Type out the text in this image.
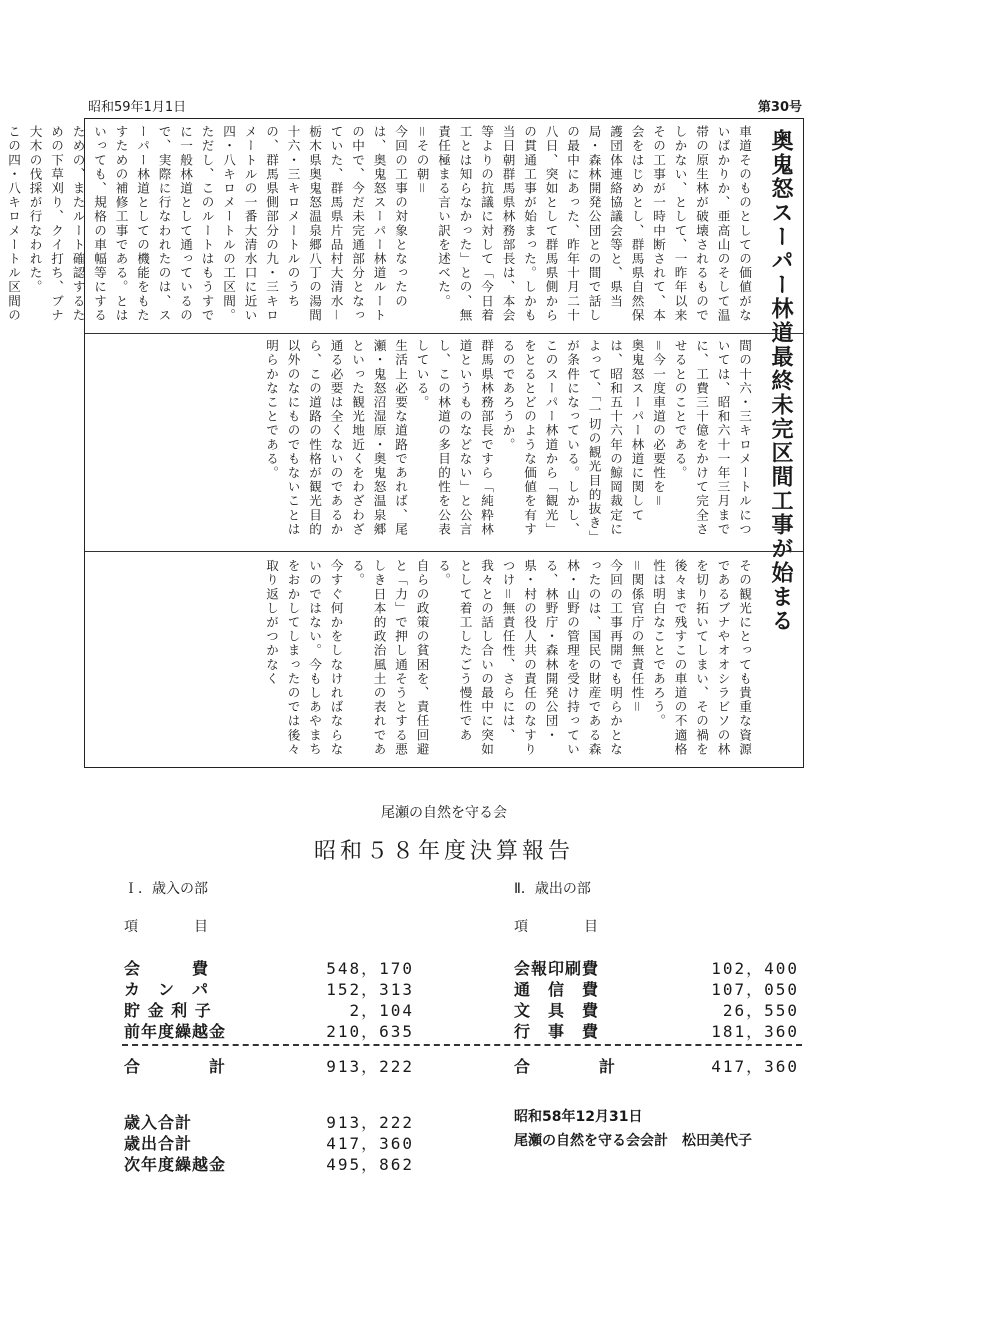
昭和59年1月1日	第30号
奥鬼怒スーパー林道最終未完区間工事が始まる

車道そのものとしての価値がないばかりか、亜高山のそして温帯の原生林が破壊されるものでしかない、として、一昨年以来その工事が一時中断されて、本会をはじめとし、群馬県自然保護団体連絡協議会等と、県当局・森林開発公団との間で話しの最中にあった、昨年十月二十八日、突如として群馬県側からの貫通工事が始まった。しかも当日朝群馬県林務部長は、本会等よりの抗議に対して「今日着工とは知らなかった」との、無責任極まる言い訳を述べた。

＝その朝＝

今回の工事の対象となったのは、奥鬼怒スーパー林道ルートの中で、今だ未完通部分となっていた、群馬県片品村大清水－栃木県奥鬼怒温泉郷八丁の湯間十六・三キロメートルのうちの、群馬県側部分の九・三キロメートルの一番大清水口に近い四・八キロメートルの工区間。ただし、このルートはもうすでに一般林道として通っているので、実際に行なわれたのは、スーパー林道としての機能をもたすための補修工事である。とはいっても、規格の車幅等にするための、またルート確認するための下草刈り、クイ打ち、ブナ大木の伐採が行なわれた。

この四・八キロメートル区間の

間の十六・三キロメートルについては、昭和六十一年三月までに、工費三十億をかけて完全させるとのことである。

＝今一度車道の必要性を＝

奥鬼怒スーパー林道に関しては、昭和五十六年の鯨岡裁定によって、「一切の観光目的抜き」が条件になっている。しかし、このスーパー林道から「観光」をとるとどのような価値を有するのであろうか。

群馬県林務部長ですら「純粋林道というものなどない」と公言し、この林道の多目的性を公表している。

生活上必要な道路であれば、尾瀬・鬼怒沼湿原・奥鬼怒温泉郷といった観光地近くをわざわざ通る必要は全くないのであるから、この道路の性格が観光目的以外のなにものでもないことは明らかなことである。

その観光にとっても貴重な資源であるブナやオオシラビソの林を切り拓いてしまい、その禍を後々まで残すこの車道の不適格性は明白なことであろう。

＝関係官庁の無責任性＝

今回の工事再開でも明らかとなったのは、国民の財産である森林・山野の管理を受け持っている、林野庁・森林開発公団・県・村の役人共の責任のなすりつけ＝無責任性、さらには、我々との話し合いの最中に突如として着工したごう慢性である。

自らの政策の貧困を、責任回避と「力」で押し通そうとする悪しき日本的政治風土の表れである。

今すぐ何かをしなければならないのではない。今もしあやまちをおかしてしまったのでは後々取り返しがつかなく

尾瀬の自然を守る会
昭和５８年度決算報告
Ｉ．歳入の部	Ⅱ．歳出の部
項　　　　目	項　　　　目
会　　　費	548，170
カ　ン　パ	152，313
貯 金 利 子	2，104
前年度繰越金	210，635
会報印刷費	102，400
通　信　費	107，050
文　具　費	26，550
行　事　費	181，360
合　　　　計	913，222	合　　　　計	417，360
歳入合計	913，222
歳出合計	417，360
次年度繰越金	495，862
昭和58年12月31日
尾瀬の自然を守る会会計　松田美代子
